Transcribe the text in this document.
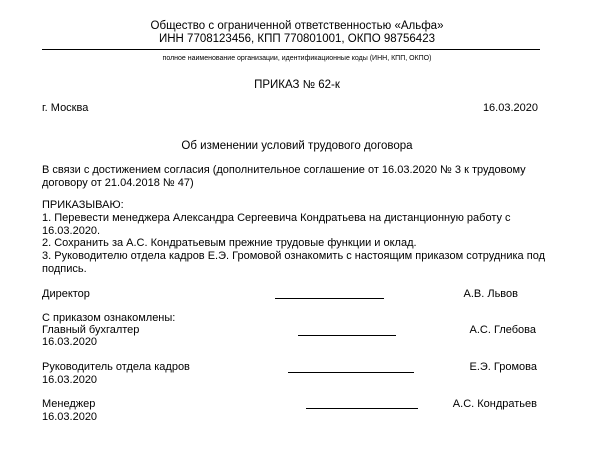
Общество с ограниченной ответственностью «Альфа»
ИНН 7708123456, КПП 770801001, ОКПО 98756423
полное наименование организации, идентификационные коды (ИНН, КПП, ОКПО)
ПРИКАЗ № 62-к
г. Москва	16.03.2020
Об изменении условий трудового договора
В связи с достижением согласия (дополнительное соглашение от 16.03.2020 № 3 к трудовому
договору от 21.04.2018 № 47)
ПРИКАЗЫВАЮ:
1. Перевести менеджера Александра Сергеевича Кондратьева на дистанционную работу с
16.03.2020.
2. Сохранить за А.С. Кондратьевым прежние трудовые функции и оклад.
3. Руководителю отдела кадров Е.Э. Громовой ознакомить с настоящим приказом сотрудника под
подпись.
Директор	А.В. Львов
С приказом ознакомлены:
Главный бухгалтер
16.03.2020
А.С. Глебова
Руководитель отдела кадров
16.03.2020
Е.Э. Громова
Менеджер
16.03.2020
А.С. Кондратьев
